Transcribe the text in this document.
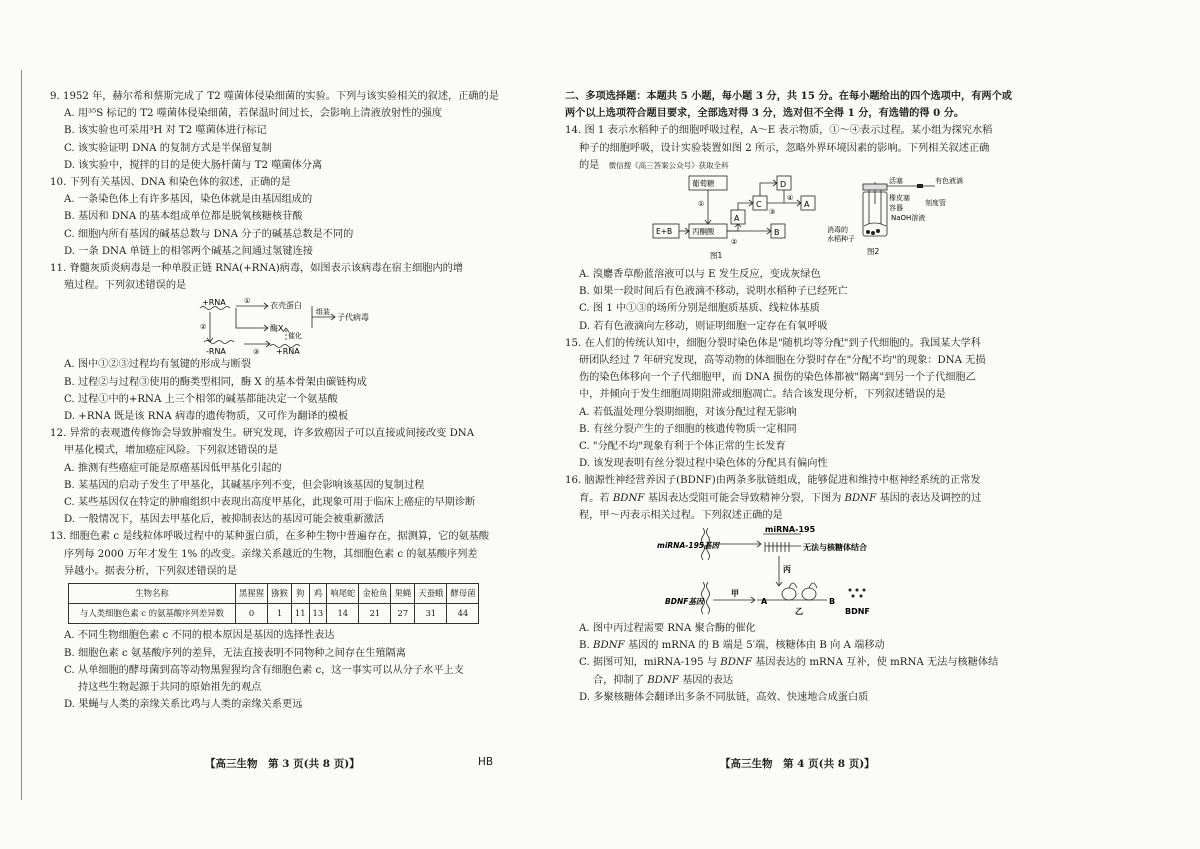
9. 1952 年，赫尔希和蔡斯完成了 T2 噬菌体侵染细菌的实验。下列与该实验相关的叙述，正确的是

A. 用³⁵S 标记的 T2 噬菌体侵染细菌，若保温时间过长，会影响上清液放射性的强度

B. 该实验也可采用³H 对 T2 噬菌体进行标记

C. 该实验证明 DNA 的复制方式是半保留复制

D. 该实验中，搅拌的目的是使大肠杆菌与 T2 噬菌体分离

10. 下列有关基因、DNA 和染色体的叙述，正确的是

A. 一条染色体上有许多基因，染色体就是由基因组成的

B. 基因和 DNA 的基本组成单位都是脱氧核糖核苷酸

C. 细胞内所有基因的碱基总数与 DNA 分子的碱基总数是不同的

D. 一条 DNA 单链上的相邻两个碱基之间通过氢键连接

11. 脊髓灰质炎病毒是一种单股正链 RNA(+RNA)病毒，如图表示该病毒在宿主细胞内的增

殖过程。下列叙述错误的是

+RNA	① 衣壳蛋白
酶X
组装
子代病毒
②
催化
-RNA	③ +RNA

A. 图中①②③过程均有氢键的形成与断裂

B. 过程②与过程③使用的酶类型相同，酶 X 的基本骨架由碳链构成

C. 过程①中的+RNA 上三个相邻的碱基都能决定一个氨基酸

D. +RNA 既是该 RNA 病毒的遗传物质，又可作为翻译的模板

12. 异常的表观遗传修饰会导致肿瘤发生。研究发现，许多致癌因子可以直接或间接改变 DNA

甲基化模式，增加癌症风险。下列叙述错误的是

A. 推测有些癌症可能是原癌基因低甲基化引起的

B. 某基因的启动子发生了甲基化，其碱基序列不变，但会影响该基因的复制过程

C. 某些基因仅在特定的肿瘤组织中表现出高度甲基化，此现象可用于临床上癌症的早期诊断

D. 一般情况下，基因去甲基化后，被抑制表达的基因可能会被重新激活

13. 细胞色素 c 是线粒体呼吸过程中的某种蛋白质，在多种生物中普遍存在，据测算，它的氨基酸

序列每 2000 万年才发生 1% 的改变。亲缘关系越近的生物，其细胞色素 c 的氨基酸序列差

异越小。据表分析，下列叙述错误的是

生物名称	黑猩猩	猕猴	狗	鸡	响尾蛇	金枪鱼	果蝇	天蚕蛾	酵母菌
与人类细胞色素 c 的氨基酸序列差异数	0	1	11	13	14	21	27	31	44

A. 不同生物细胞色素 c 不同的根本原因是基因的选择性表达

B. 细胞色素 c 氨基酸序列的差异，无法直接表明不同物种之间存在生殖隔离

C. 从单细胞的酵母菌到高等动物黑猩猩均含有细胞色素 c，这一事实可以从分子水平上支

持这些生物起源于共同的原始祖先的观点

D. 果蝇与人类的亲缘关系比鸡与人类的亲缘关系更远

二、多项选择题：本题共 5 小题，每小题 3 分，共 15 分。在每小题给出的四个选项中，有两个或

两个以上选项符合题目要求，全部选对得 3 分，选对但不全得 1 分，有选错的得 0 分。

14. 图 1 表示水稻种子的细胞呼吸过程，A～E 表示物质，①～④表示过程。某小组为探究水稻

种子的细胞呼吸，设计实验装置如图 2 所示，忽略外界环境因素的影响。下列相关叙述正确

的是 微信搜《高三答案公众号》获取全科

葡萄糖
丙酮酸
E+B
C
D
A
A
B
①
②
③
④
图1
活塞	有色液滴
橡皮塞
容器
刻度管
消毒的
水稻种子
NaOH溶液
图2

A. 溴麝香草酚蓝溶液可以与 E 发生反应，变成灰绿色

B. 如果一段时间后有色液滴不移动，说明水稻种子已经死亡

C. 图 1 中①③的场所分别是细胞质基质、线粒体基质

D. 若有色液滴向左移动，则证明细胞一定存在有氧呼吸

15. 在人们的传统认知中，细胞分裂时染色体是"随机均等分配"到子代细胞的。我国某大学科

研团队经过 7 年研究发现，高等动物的体细胞在分裂时存在"分配不均"的现象：DNA 无损

伤的染色体移向一个子代细胞甲，而 DNA 损伤的染色体都被"隔离"到另一个子代细胞乙

中，并倾向于发生细胞周期阻滞或细胞凋亡。结合该发现分析，下列叙述错误的是

A. 若低温处理分裂期细胞，对该分配过程无影响

B. 有丝分裂产生的子细胞的核遗传物质一定相同

C. "分配不均"现象有利于个体正常的生长发育

D. 该发现表明有丝分裂过程中染色体的分配具有偏向性

16. 脑源性神经营养因子(BDNF)由两条多肽链组成，能够促进和维持中枢神经系统的正常发

育。若 BDNF 基因表达受阻可能会导致精神分裂，下图为 BDNF 基因的表达及调控的过

程，甲～丙表示相关过程。下列叙述正确的是

miRNA-195
miRNA-195基因	无法与核糖体结合
丙
BDNF基因
甲
乙
A	B
BDNF

A. 图中丙过程需要 RNA 聚合酶的催化

B. BDNF 基因的 mRNA 的 B 端是 5′端，核糖体由 B 向 A 端移动

C. 据图可知，miRNA-195 与 BDNF 基因表达的 mRNA 互补，使 mRNA 无法与核糖体结

合，抑制了 BDNF 基因的表达

D. 多聚核糖体会翻译出多条不同肽链，高效、快速地合成蛋白质

【高三生物　第 3 页(共 8 页)】	HB	【高三生物　第 4 页(共 8 页)】
